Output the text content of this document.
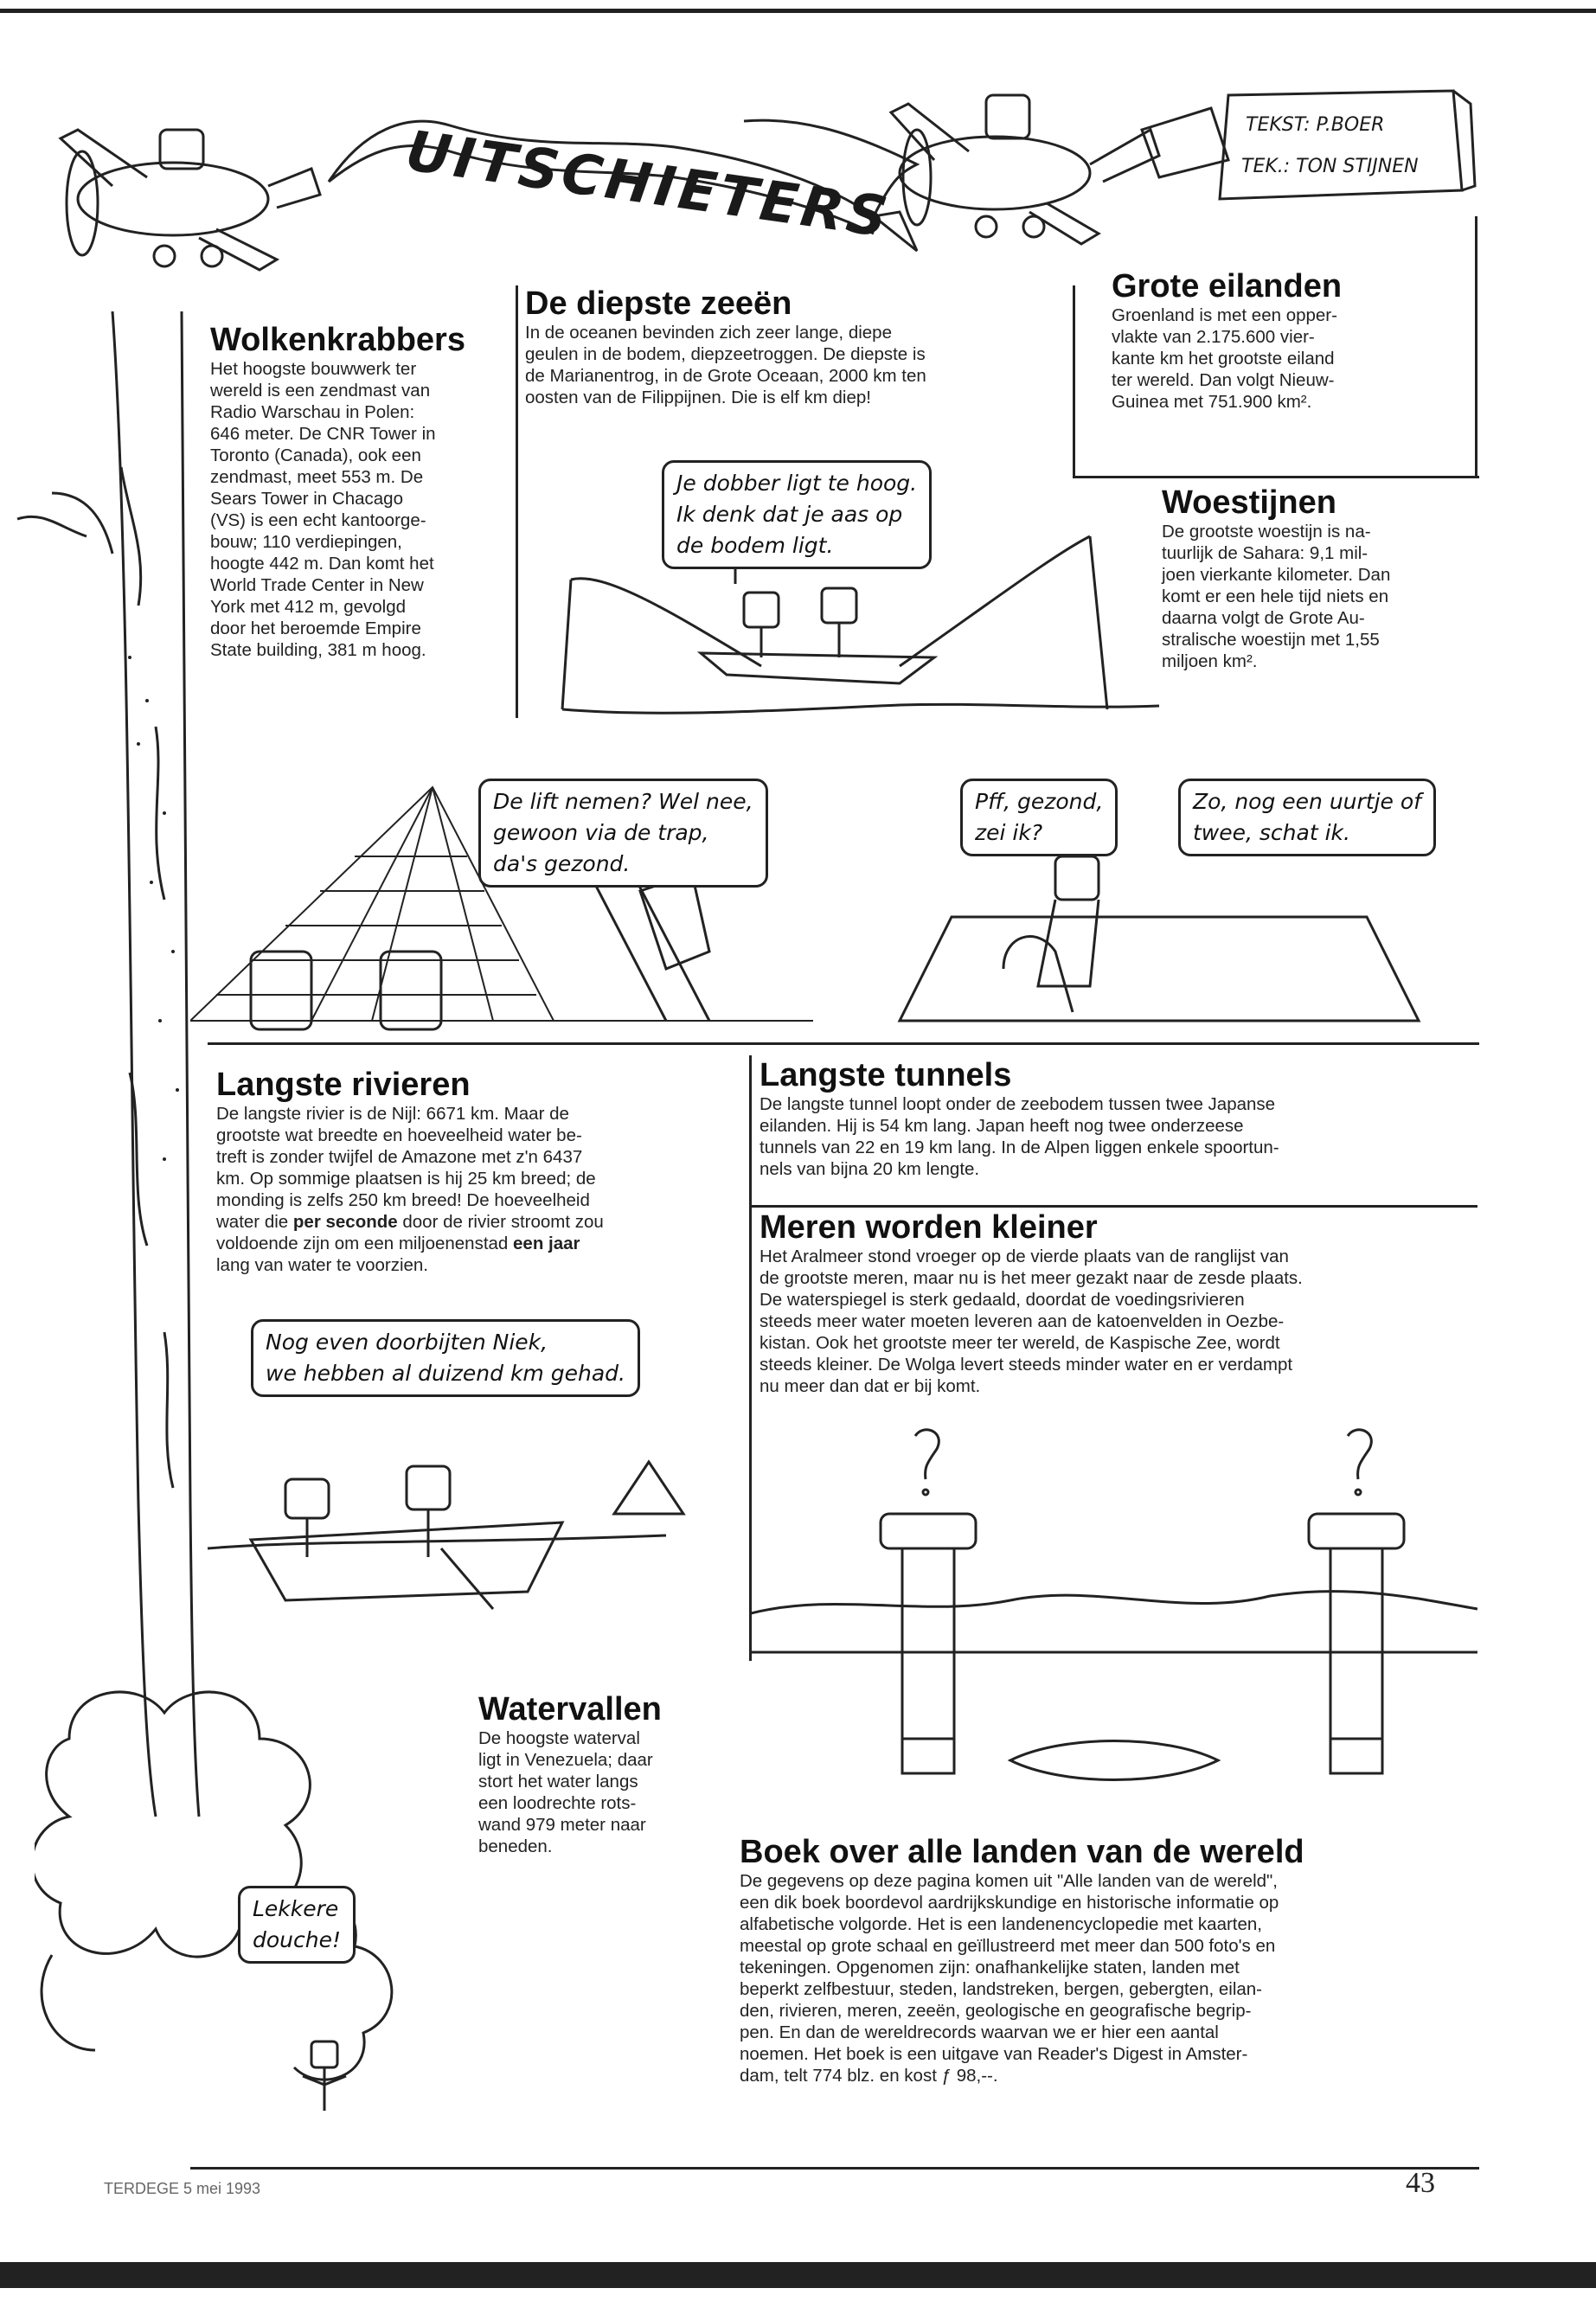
UITSCHIETERS	TEKST: P.BOER
TEK.: TON STIJNEN
Wolkenkrabbers

Het hoogste bouwwerk ter

wereld is een zendmast van

Radio Warschau in Polen:

646 meter. De CNR Tower in

Toronto (Canada), ook een

zendmast, meet 553 m. De

Sears Tower in Chacago

(VS) is een echt kantoorge-

bouw; 110 verdiepingen,

hoogte 442 m. Dan komt het

World Trade Center in New

York met 412 m, gevolgd

door het beroemde Empire

State building, 381 m hoog.

De diepste zeeën

In de oceanen bevinden zich zeer lange, diepe

geulen in de bodem, diepzeetroggen. De diepste is

de Marianentrog, in de Grote Oceaan, 2000 km ten

oosten van de Filippijnen. Die is elf km diep!

Grote eilanden

Groenland is met een opper-

vlakte van 2.175.600 vier-

kante km het grootste eiland

ter wereld. Dan volgt Nieuw-

Guinea met 751.900 km².

Woestijnen

De grootste woestijn is na-

tuurlijk de Sahara: 9,1 mil-

joen vierkante kilometer. Dan

komt er een hele tijd niets en

daarna volgt de Grote Au-

stralische woestijn met 1,55

miljoen km².

Je dobber ligt te hoog.
Ik denk dat je aas op
de bodem ligt.
De lift nemen? Wel nee,
gewoon via de trap,
da's gezond.
Pff, gezond,
zei ik?
Zo, nog een uurtje of
twee, schat ik.
Langste rivieren

De langste rivier is de Nijl: 6671 km. Maar de

grootste wat breedte en hoeveelheid water be-

treft is zonder twijfel de Amazone met z'n 6437

km. Op sommige plaatsen is hij 25 km breed; de

monding is zelfs 250 km breed! De hoeveelheid

water die per seconde door de rivier stroomt zou

voldoende zijn om een miljoenenstad een jaar

lang van water te voorzien.

Nog even doorbijten Niek,
we hebben al duizend km gehad.
Langste tunnels

De langste tunnel loopt onder de zeebodem tussen twee Japanse

eilanden. Hij is 54 km lang. Japan heeft nog twee onderzeese

tunnels van 22 en 19 km lang. In de Alpen liggen enkele spoortun-

nels van bijna 20 km lengte.

Meren worden kleiner

Het Aralmeer stond vroeger op de vierde plaats van de ranglijst van

de grootste meren, maar nu is het meer gezakt naar de zesde plaats.

De waterspiegel is sterk gedaald, doordat de voedingsrivieren

steeds meer water moeten leveren aan de katoenvelden in Oezbe-

kistan. Ook het grootste meer ter wereld, de Kaspische Zee, wordt

steeds kleiner. De Wolga levert steeds minder water en er verdampt

nu meer dan dat er bij komt.

Watervallen

De hoogste waterval

ligt in Venezuela; daar

stort het water langs

een loodrechte rots-

wand 979 meter naar

beneden.

Lekkere
douche!
Boek over alle landen van de wereld

De gegevens op deze pagina komen uit "Alle landen van de wereld",

een dik boek boordevol aardrijkskundige en historische informatie op

alfabetische volgorde. Het is een landenencyclopedie met kaarten,

meestal op grote schaal en geïllustreerd met meer dan 500 foto's en

tekeningen. Opgenomen zijn: onafhankelijke staten, landen met

beperkt zelfbestuur, steden, landstreken, bergen, gebergten, eilan-

den, rivieren, meren, zeeën, geologische en geografische begrip-

pen. En dan de wereldrecords waarvan we er hier een aantal

noemen. Het boek is een uitgave van Reader's Digest in Amster-

dam, telt 774 blz. en kost ƒ 98,--.

TERDEGE 5 mei 1993	43
